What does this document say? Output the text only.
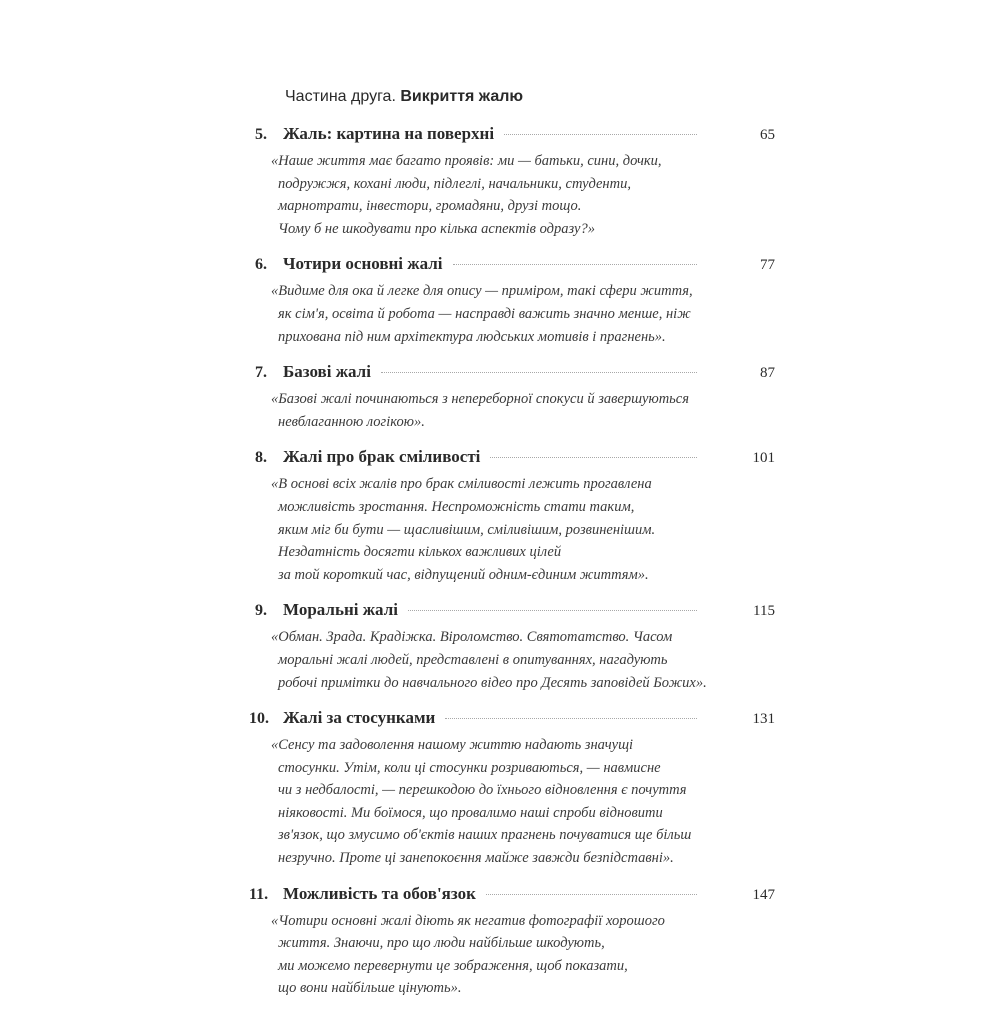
Частина друга. Викриття жалю
5. Жаль: картина на поверхні	65
«Наше життя має багато проявів: ми — батьки, сини, дочки,
подружжя, кохані люди, підлеглі, начальники, студенти,
марнотрати, інвестори, громадяни, друзі тощо.
Чому б не шкодувати про кілька аспектів одразу?»
6. Чотири основні жалі	77
«Видиме для ока й легке для опису — приміром, такі сфери життя,
як сім'я, освіта й робота — насправді важить значно менше, ніж
прихована під ним архітектура людських мотивів і прагнень».
7. Базові жалі	87
«Базові жалі починаються з непереборної спокуси й завершуються
невблаганною логікою».
8. Жалі про брак сміливості	101
«В основі всіх жалів про брак сміливості лежить прогавлена
можливість зростання. Неспроможність стати таким,
яким міг би бути — щасливішим, сміливішим, розвиненішим.
Нездатність досягти кількох важливих цілей
за той короткий час, відпущений одним-єдиним життям».
9. Моральні жалі	115
«Обман. Зрада. Крадіжка. Віроломство. Святотатство. Часом
моральні жалі людей, представлені в опитуваннях, нагадують
робочі примітки до навчального відео про Десять заповідей Божих».
10. Жалі за стосунками	131
«Сенсу та задоволення нашому життю надають значущі
стосунки. Утім, коли ці стосунки розриваються, — навмисне
чи з недбалості, — перешкодою до їхнього відновлення є почуття
ніяковості. Ми боїмося, що провалимо наші спроби відновити
зв'язок, що змусимо об'єктів наших прагнень почуватися ще більш
незручно. Проте ці занепокоєння майже завжди безпідставні».
11. Можливість та обов'язок	147
«Чотири основні жалі діють як негатив фотографії хорошого
життя. Знаючи, про що люди найбільше шкодують,
ми можемо перевернути це зображення, щоб показати,
що вони найбільше цінують».
